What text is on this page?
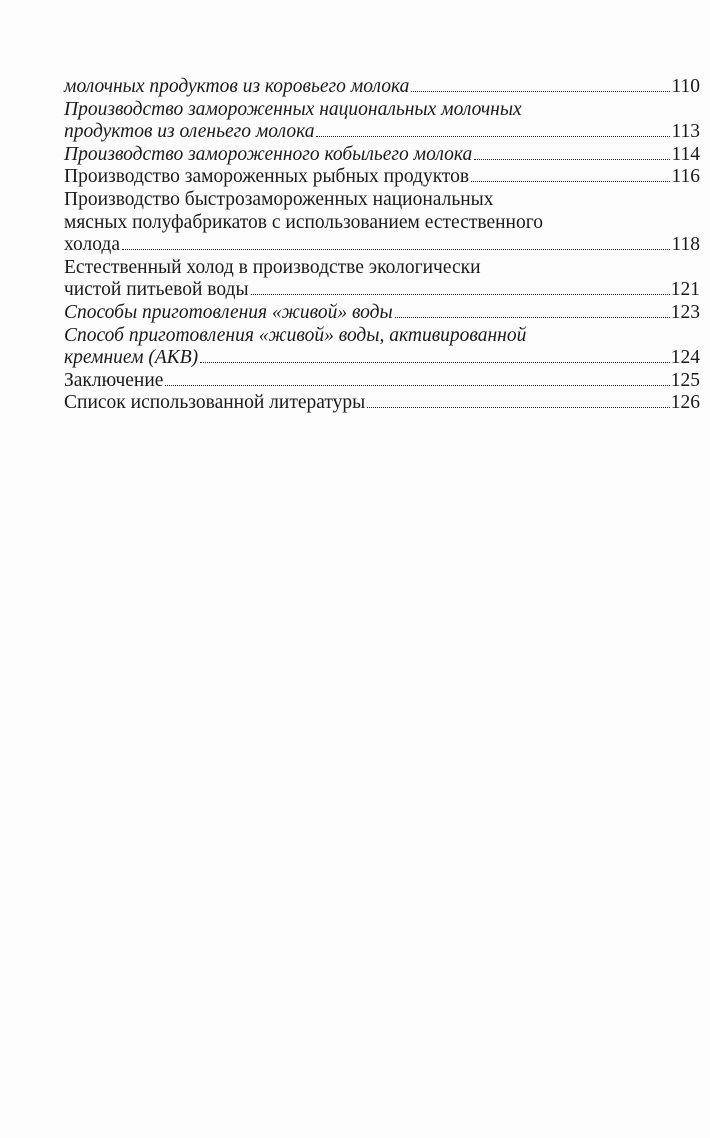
молочных продуктов из коровьего молока	110
Производство замороженных национальных молочных
продуктов из оленьего молока	113
Производство замороженного кобыльего молока	114
Производство замороженных рыбных продуктов	116
Производство быстрозамороженных национальных
мясных полуфабрикатов с использованием естественного
холода	118
Естественный холод в производстве экологически
чистой питьевой воды	121
Способы приготовления «живой» воды	123
Способ приготовления «живой» воды, активированной
кремнием (АКВ)	124
Заключение	125
Список использованной литературы	126
